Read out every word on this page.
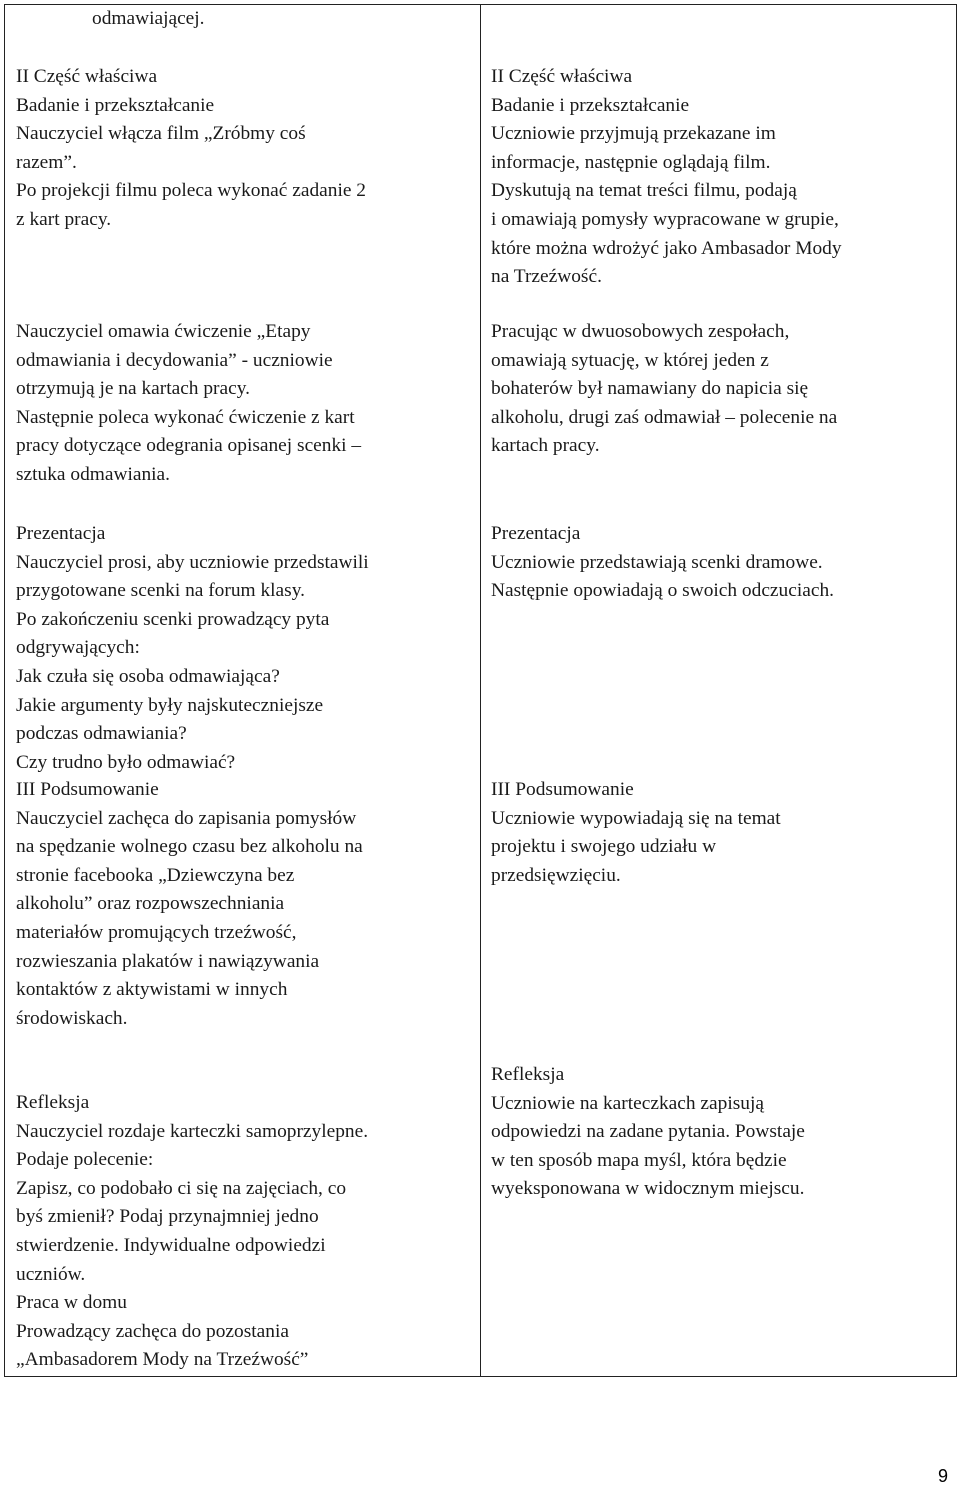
odmawiającej.
II Część właściwa
Badanie i przekształcanie
Nauczyciel włącza film „Zróbmy coś
razem”.
Po projekcji filmu poleca wykonać zadanie 2
z kart pracy.
Nauczyciel omawia ćwiczenie „Etapy
odmawiania i decydowania” - uczniowie
otrzymują je na kartach pracy.
Następnie poleca wykonać ćwiczenie z kart
pracy dotyczące odegrania opisanej scenki –
sztuka odmawiania.
Prezentacja
Nauczyciel prosi, aby uczniowie przedstawili
przygotowane scenki na forum klasy.
Po zakończeniu scenki prowadzący pyta
odgrywających:
Jak czuła się osoba odmawiająca?
Jakie argumenty były najskuteczniejsze
podczas odmawiania?
Czy trudno było odmawiać?
III Podsumowanie
Nauczyciel zachęca do zapisania pomysłów
na spędzanie wolnego czasu bez alkoholu na
stronie facebooka „Dziewczyna bez
alkoholu” oraz rozpowszechniania
materiałów promujących trzeźwość,
rozwieszania plakatów i nawiązywania
kontaktów z aktywistami w innych
środowiskach.
Refleksja
Nauczyciel rozdaje karteczki samoprzylepne.
Podaje polecenie:
Zapisz, co podobało ci się na zajęciach, co
byś zmienił? Podaj przynajmniej jedno
stwierdzenie. Indywidualne odpowiedzi
uczniów.
Praca w domu
Prowadzący zachęca do pozostania
„Ambasadorem Mody na Trzeźwość”
II Część właściwa
Badanie i przekształcanie
Uczniowie przyjmują przekazane im
informacje, następnie oglądają film.
Dyskutują na temat treści filmu, podają
i omawiają pomysły wypracowane w grupie,
które można wdrożyć jako Ambasador Mody
na Trzeźwość.
Pracując w dwuosobowych zespołach,
omawiają sytuację, w której jeden z
bohaterów był namawiany do napicia się
alkoholu, drugi zaś odmawiał – polecenie na
kartach pracy.
Prezentacja
Uczniowie przedstawiają scenki dramowe.
Następnie opowiadają o swoich odczuciach.
III Podsumowanie
Uczniowie wypowiadają się na temat
projektu i swojego udziału w
przedsięwzięciu.
Refleksja
Uczniowie na karteczkach zapisują
odpowiedzi na zadane pytania. Powstaje
w ten sposób mapa myśl, która będzie
wyeksponowana w widocznym miejscu.
9
